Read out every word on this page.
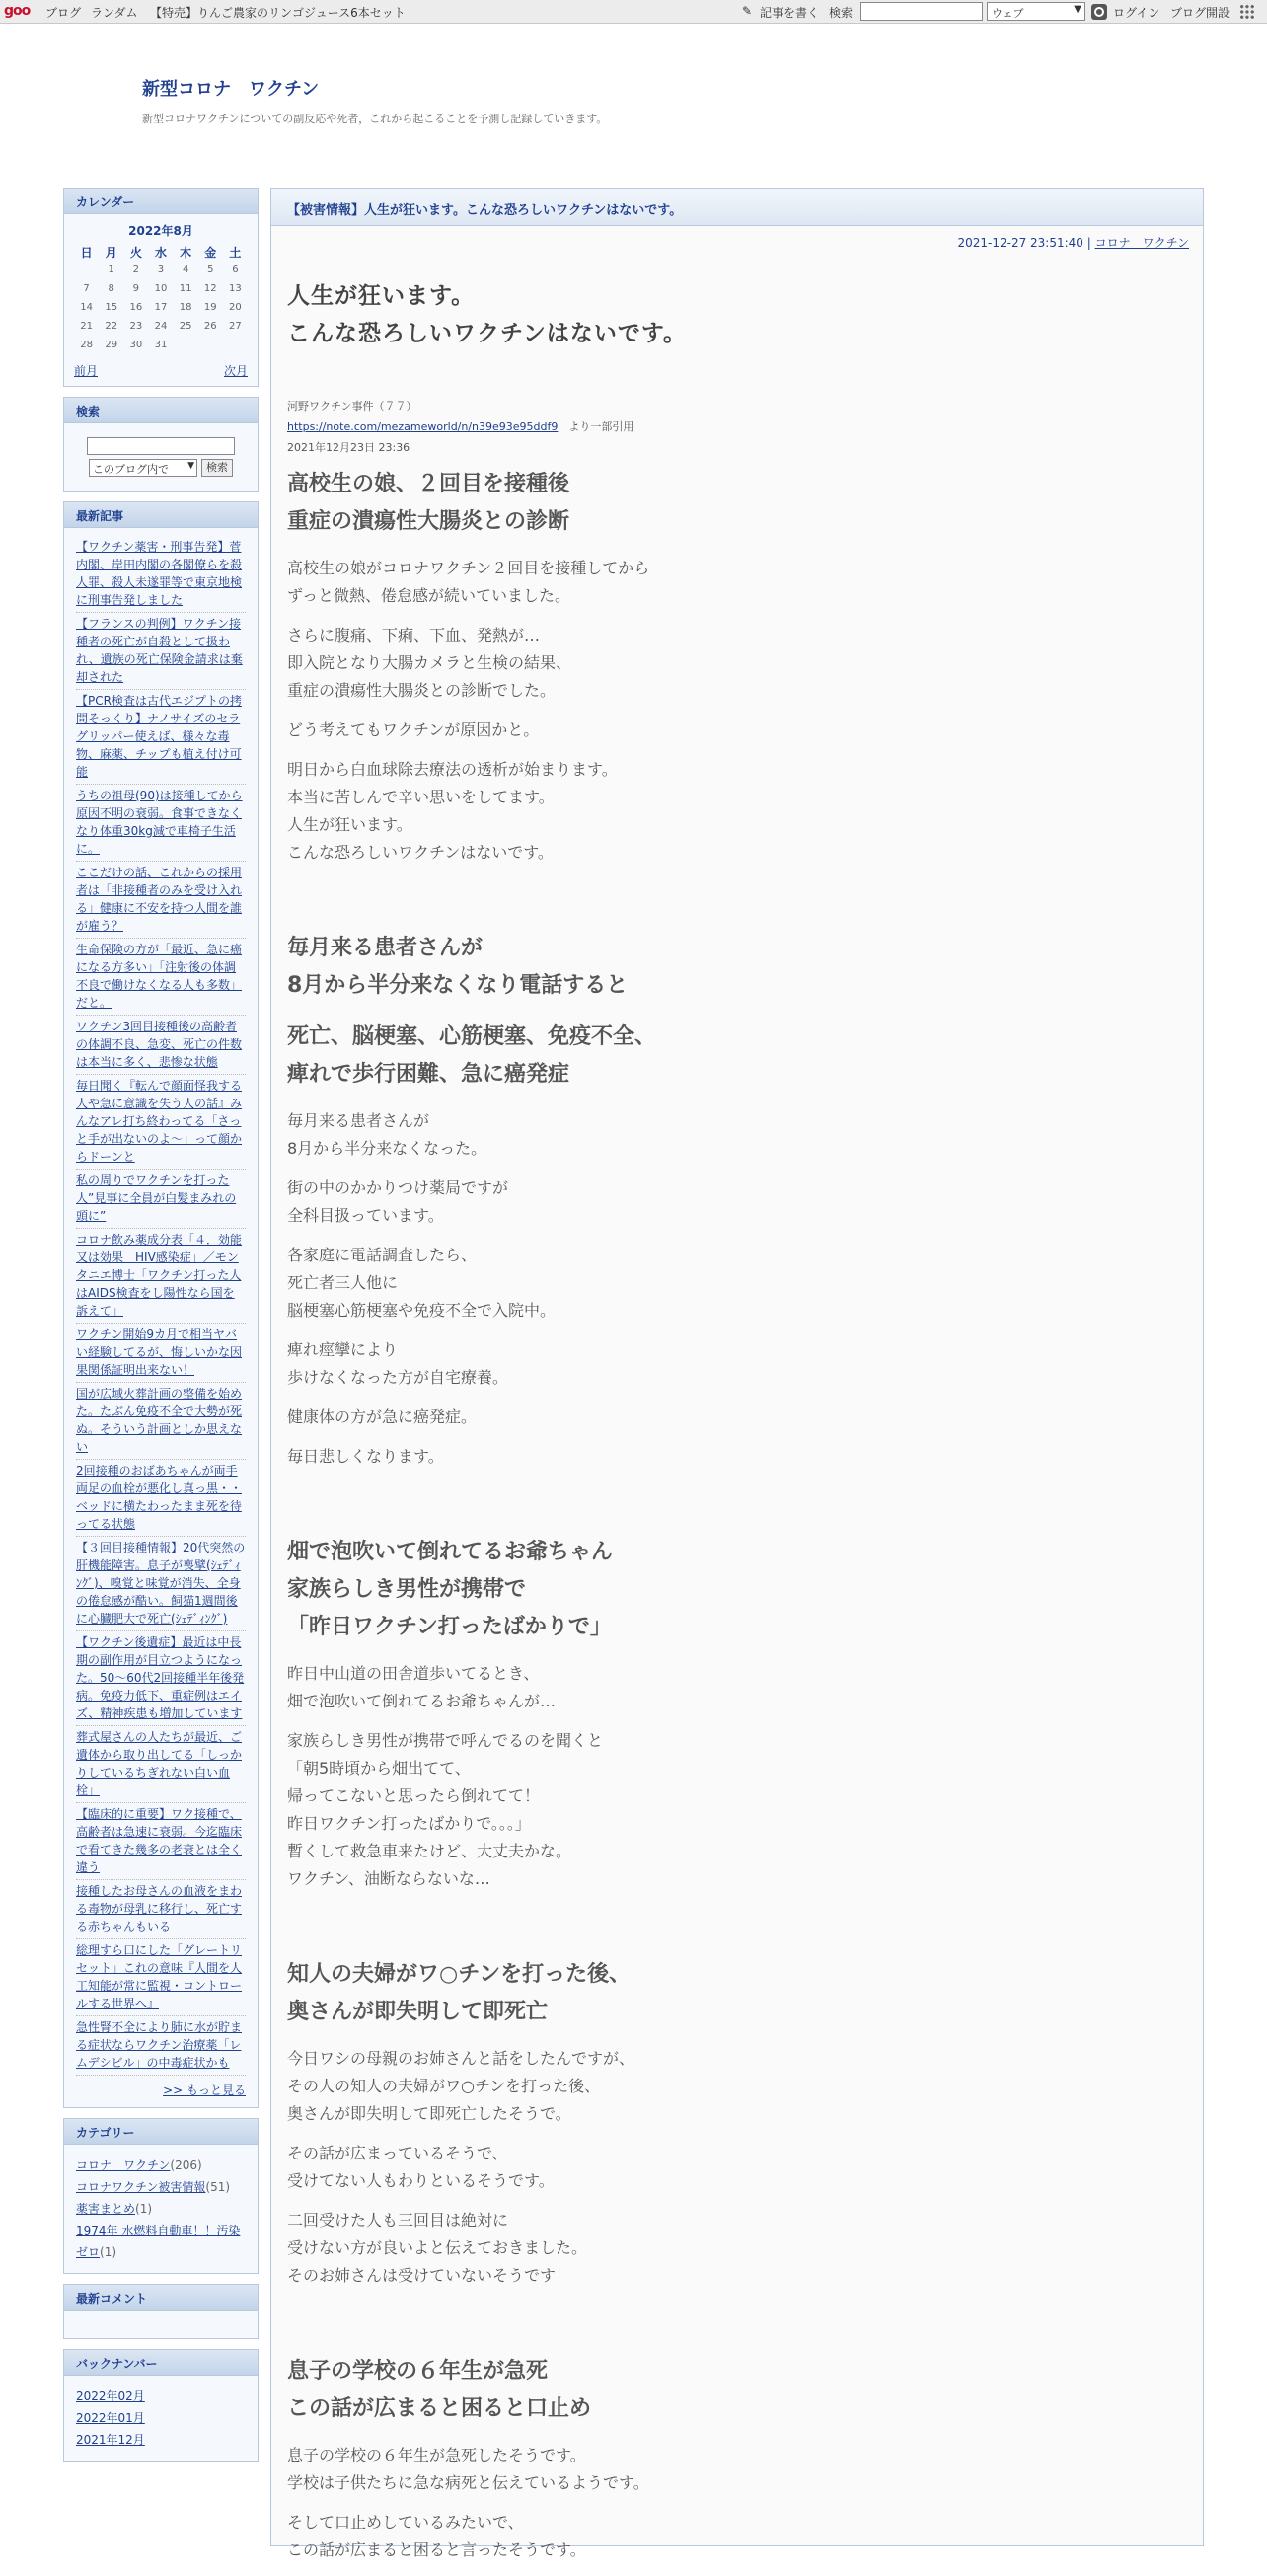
goo ブログ ランダム 【特売】りんご農家のリンゴジュース6本セット	✎ 記事を書く 検索	ウェブ	▼	ログイン ブログ開設
新型コロナ　ワクチン
新型コロナワクチンについての副反応や死者，これから起こることを予測し記録していきます。
カレンダー
2022年8月
日	月	火	水	木	金	土
	1	2	3	4	5	6
7	8	9	10	11	12	13
14	15	16	17	18	19	20
21	22	23	24	25	26	27
28	29	30	31			
前月	次月
検索
このブログ内で ▼	検索
最新記事
【ワクチン薬害・刑事告発】菅内閣、岸田内閣の各閣僚らを殺人罪、殺人未遂罪等で東京地検に刑事告発しました
【フランスの判例】ワクチン接種者の死亡が自殺として扱われ、遺族の死亡保険金請求は棄却された
【PCR検査は古代エジプトの拷問そっくり】ナノサイズのセラグリッパー使えば、様々な毒物、麻薬、チップも植え付け可能
うちの祖母(90)は接種してから原因不明の衰弱。食事できなくなり体重30kg減で車椅子生活に。
ここだけの話、これからの採用者は「非接種者のみを受け入れる」健康に不安を持つ人間を誰が雇う？
生命保険の方が「最近、急に癌になる方多い」「注射後の体調不良で働けなくなる人も多数」だと。
ワクチン3回目接種後の高齢者の体調不良、急変、死亡の件数は本当に多く、悲惨な状態
毎日聞く『転んで顔面怪我する人や急に意識を失う人の話』みんなアレ打ち終わってる「さっと手が出ないのよ～」って顔からドーンと
私の周りでワクチンを打った人”見事に全員が白髪まみれの頭に”
コロナ飲み薬成分表「４．効能又は効果　HIV感染症」／モンタニエ博士「ワクチン打った人はAIDS検査をし陽性なら国を訴えて」
ワクチン開始9カ月で相当ヤバい経験してるが、悔しいかな因果関係証明出来ない！
国が広域火葬計画の整備を始めた。たぶん免疫不全で大勢が死ぬ。そういう計画としか思えない
2回接種のおばあちゃんが両手両足の血栓が悪化し真っ黒・・ベッドに横たわったまま死を待ってる状態
【３回目接種情報】20代突然の肝機能障害。息子が喪擘(ｼｪﾃﾞｨﾝｸﾞ)、嗅覚と味覚が消失、全身の倦怠感が酷い。飼猫1週間後に心臓肥大で死亡(ｼｪﾃﾞｨﾝｸﾞ)
【ワクチン後遺症】最近は中長期の副作用が目立つようになった。50～60代2回接種半年後発病。免疫力低下、重症例はエイズ、精神疾患も増加しています
葬式屋さんの人たちが最近、ご遺体から取り出してる「しっかりしているちぎれない白い血栓」
【臨床的に重要】ワク接種で、高齢者は急速に衰弱。今迄臨床で看てきた幾多の老衰とは全く違う
接種したお母さんの血液をまわる毒物が母乳に移行し、死亡する赤ちゃんもいる
総理すら口にした「グレートリセット」これの意味『人間を人工知能が常に監視・コントロールする世界へ』
急性腎不全により肺に水が貯まる症状ならワクチン治療薬「レムデシビル」の中毒症状かも
>> もっと見る
カテゴリー
コロナ　ワクチン(206)
コロナワクチン被害情報(51)
薬害まとめ(1)
1974年 水燃料自動車！！汚染ゼロ(1)
最新コメント
バックナンバー
2022年02月
2022年01月
2021年12月
【被害情報】人生が狂います。こんな恐ろしいワクチンはないです。
2021-12-27 23:51:40 | コロナ　ワクチン
人生が狂います。
こんな恐ろしいワクチンはないです。
河野ワクチン事件（７７）
https://note.com/mezameworld/n/n39e93e95ddf9　より一部引用
2021年12月23日 23:36
高校生の娘、２回目を接種後
重症の潰瘍性大腸炎との診断
高校生の娘がコロナワクチン２回目を接種してから
ずっと微熱、倦怠感が続いていました。
さらに腹痛、下痢、下血、発熱が…
即入院となり大腸カメラと生検の結果、
重症の潰瘍性大腸炎との診断でした。
どう考えてもワクチンが原因かと。
明日から白血球除去療法の透析が始まります。
本当に苦しんで辛い思いをしてます。
人生が狂います。
こんな恐ろしいワクチンはないです。
毎月来る患者さんが
8月から半分来なくなり電話すると
死亡、脳梗塞、心筋梗塞、免疫不全、
痺れで歩行困難、急に癌発症
毎月来る患者さんが
8月から半分来なくなった。
街の中のかかりつけ薬局ですが
全科目扱っています。
各家庭に電話調査したら、
死亡者三人他に
脳梗塞心筋梗塞や免疫不全で入院中。
痺れ痙攣により
歩けなくなった方が自宅療養。
健康体の方が急に癌発症。
毎日悲しくなります。
畑で泡吹いて倒れてるお爺ちゃん
家族らしき男性が携帯で
「昨日ワクチン打ったばかりで」
昨日中山道の田舎道歩いてるとき、
畑で泡吹いて倒れてるお爺ちゃんが…
家族らしき男性が携帯で呼んでるのを聞くと
「朝5時頃から畑出てて、
帰ってこないと思ったら倒れてて！
昨日ワクチン打ったばかりで。。。」
暫くして救急車来たけど、大丈夫かな。
ワクチン、油断ならないな…
知人の夫婦がワ○チンを打った後、
奥さんが即失明して即死亡
今日ワシの母親のお姉さんと話をしたんですが、
その人の知人の夫婦がワ○チンを打った後、
奥さんが即失明して即死亡したそうで。
その話が広まっているそうで、
受けてない人もわりといるそうです。
二回受けた人も三回目は絶対に
受けない方が良いよと伝えておきました。
そのお姉さんは受けていないそうです
息子の学校の６年生が急死
この話が広まると困ると口止め
息子の学校の６年生が急死したそうです。
学校は子供たちに急な病死と伝えているようです。
そして口止めしているみたいで、
この話が広まると困ると言ったそうです。
